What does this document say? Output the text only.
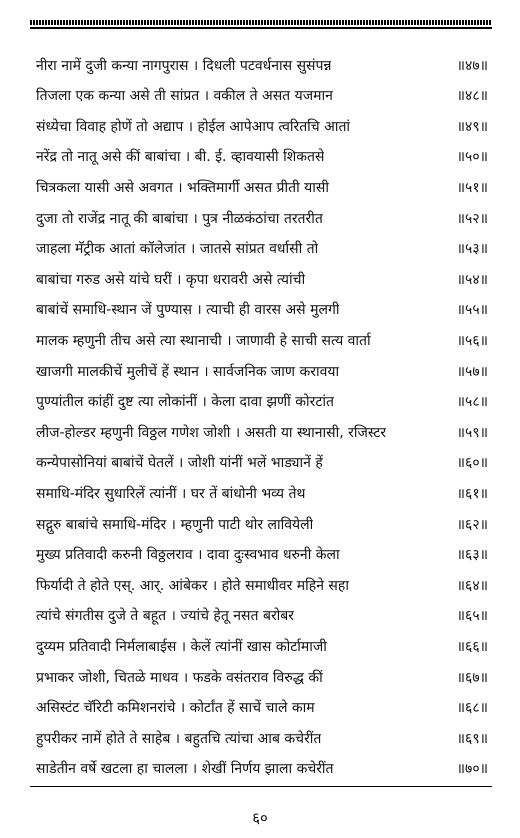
नीरा नामें दुजी कन्या नागपुरास । दिधली पटवर्धनास सुसंपन्न	॥४७॥
तिजला एक कन्या असे ती सांप्रत । वकील ते असत यजमान	॥४८॥
संध्येचा विवाह होणें तो अद्याप । होईल आपेआप त्वरितचि आतां	॥४९॥
नरेंद्र तो नातू असे कीं बाबांचा । बी. ई. व्हावयासी शिकतसे	॥५०॥
चित्रकला यासी असे अवगत । भक्तिमार्गी असत प्रीती यासी	॥५१॥
दुजा तो राजेंद्र नातू की बाबांचा । पुत्र नीळकंठांचा तरतरीत	॥५२॥
जाहला मॅट्रीक आतां कॉलेजांत । जातसे सांप्रत वर्धासी तो	॥५३॥
बाबांचा गरुड असे यांचे घरीं । कृपा धरावरी असे त्यांची	॥५४॥
बाबांचें समाधि-स्थान जें पुण्यास । त्याची ही वारस असे मुलगी	॥५५॥
मालक म्हणुनी तीच असे त्या स्थानाची । जाणावी हे साची सत्य वार्ता	॥५६॥
खाजगी मालकीचें मुलीचें हें स्थान । सार्वजनिक जाण करावया	॥५७॥
पुण्यांतील कांहीं दुष्ट त्या लोकांनीं । केला दावा झणीं कोरटांत	॥५८॥
लीज-होल्डर म्हणुनी विठ्ठल गणेश जोशी । असती या स्थानासी, रजिस्टर	॥५९॥
कन्येपासोनियां बाबांचें घेतलें । जोशी यांनीं भलें भाड्यानें हें	॥६०॥
समाधि-मंदिर सुधारिलें त्यांनीं । घर तें बांधोनी भव्य तेथ	॥६१॥
सद्गुरु बाबांचे समाधि-मंदिर । म्हणुनी पाटी थोर लावियेली	॥६२॥
मुख्य प्रतिवादी करुनी विठ्ठलराव । दावा दुःस्वभाव धरुनी केला	॥६३॥
फिर्यादी ते होते एस्. आर्. आंबेकर । होते समाधीवर महिने सहा	॥६४॥
त्यांचे संगतीस दुजे ते बहूत । ज्यांचे हेतू नसत बरोबर	॥६५॥
दुय्यम प्रतिवादी निर्मलाबाईस । केलें त्यांनीं खास कोर्टामाजी	॥६६॥
प्रभाकर जोशी, चितळे माधव । फडके वसंतराव विरुद्ध कीं	॥६७॥
असिस्टंट चॅरिटी कमिशनरांचे । कोर्टांत हें साचें चाले काम	॥६८॥
हुपरीकर नामें होते ते साहेब । बहुतचि त्यांचा आब कचेरींत	॥६९॥
साडेतीन वर्षे खटला हा चालला । शेखीं निर्णय झाला कचेरींत	॥७०॥
६०
